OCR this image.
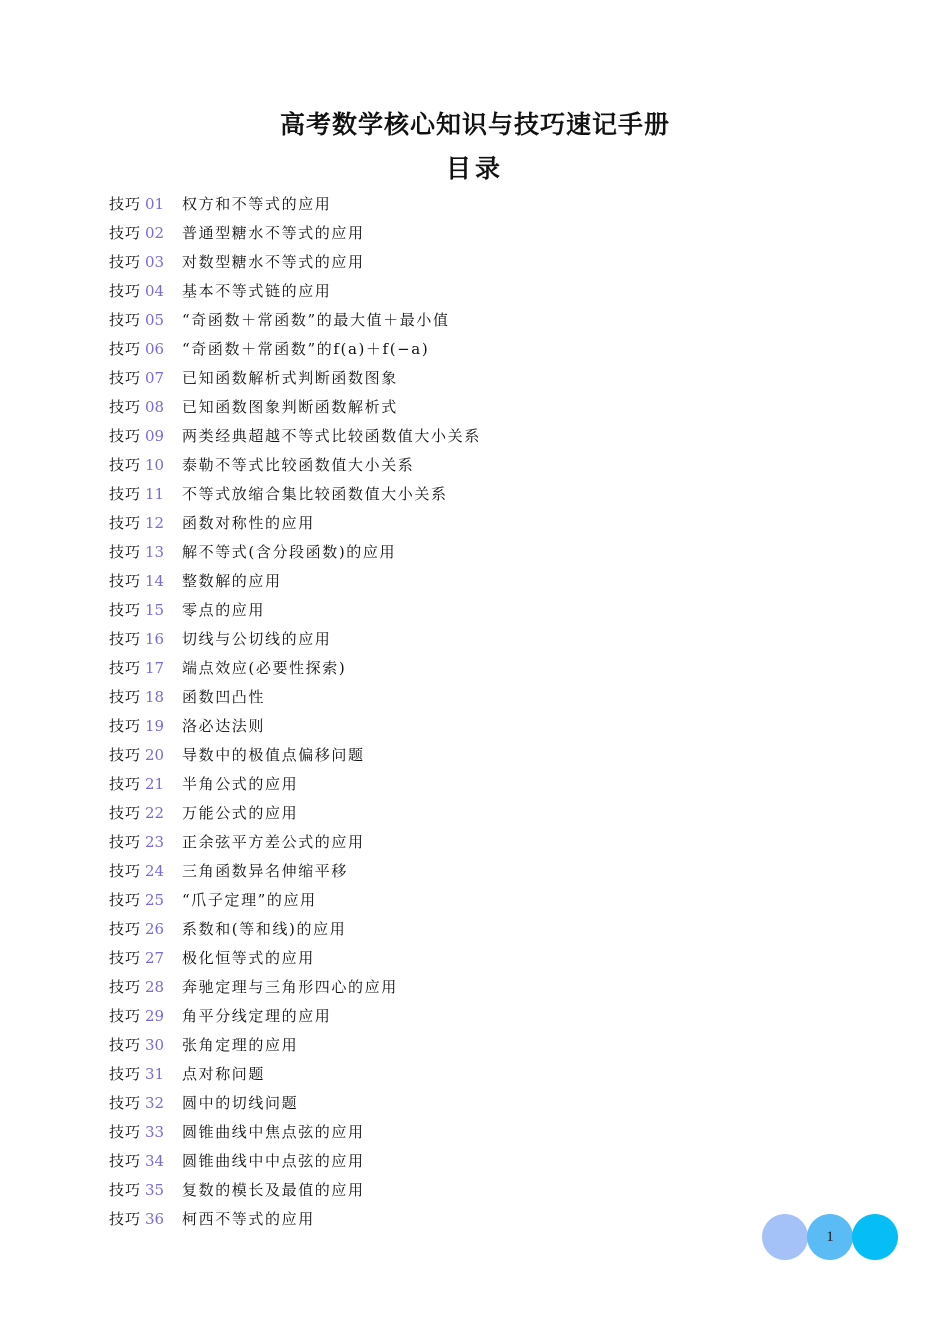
高考数学核心知识与技巧速记手册
目录
技巧 01	权方和不等式的应用
技巧 02	普通型糖水不等式的应用
技巧 03	对数型糖水不等式的应用
技巧 04	基本不等式链的应用
技巧 05	“奇函数＋常函数”的最大值＋最小值
技巧 06	“奇函数＋常函数”的f(a)＋f(−a)
技巧 07	已知函数解析式判断函数图象
技巧 08	已知函数图象判断函数解析式
技巧 09	两类经典超越不等式比较函数值大小关系
技巧 10	泰勒不等式比较函数值大小关系
技巧 11	不等式放缩合集比较函数值大小关系
技巧 12	函数对称性的应用
技巧 13	解不等式(含分段函数)的应用
技巧 14	整数解的应用
技巧 15	零点的应用
技巧 16	切线与公切线的应用
技巧 17	端点效应(必要性探索)
技巧 18	函数凹凸性
技巧 19	洛必达法则
技巧 20	导数中的极值点偏移问题
技巧 21	半角公式的应用
技巧 22	万能公式的应用
技巧 23	正余弦平方差公式的应用
技巧 24	三角函数异名伸缩平移
技巧 25	“爪子定理”的应用
技巧 26	系数和(等和线)的应用
技巧 27	极化恒等式的应用
技巧 28	奔驰定理与三角形四心的应用
技巧 29	角平分线定理的应用
技巧 30	张角定理的应用
技巧 31	点对称问题
技巧 32	圆中的切线问题
技巧 33	圆锥曲线中焦点弦的应用
技巧 34	圆锥曲线中中点弦的应用
技巧 35	复数的模长及最值的应用
技巧 36	柯西不等式的应用
1
